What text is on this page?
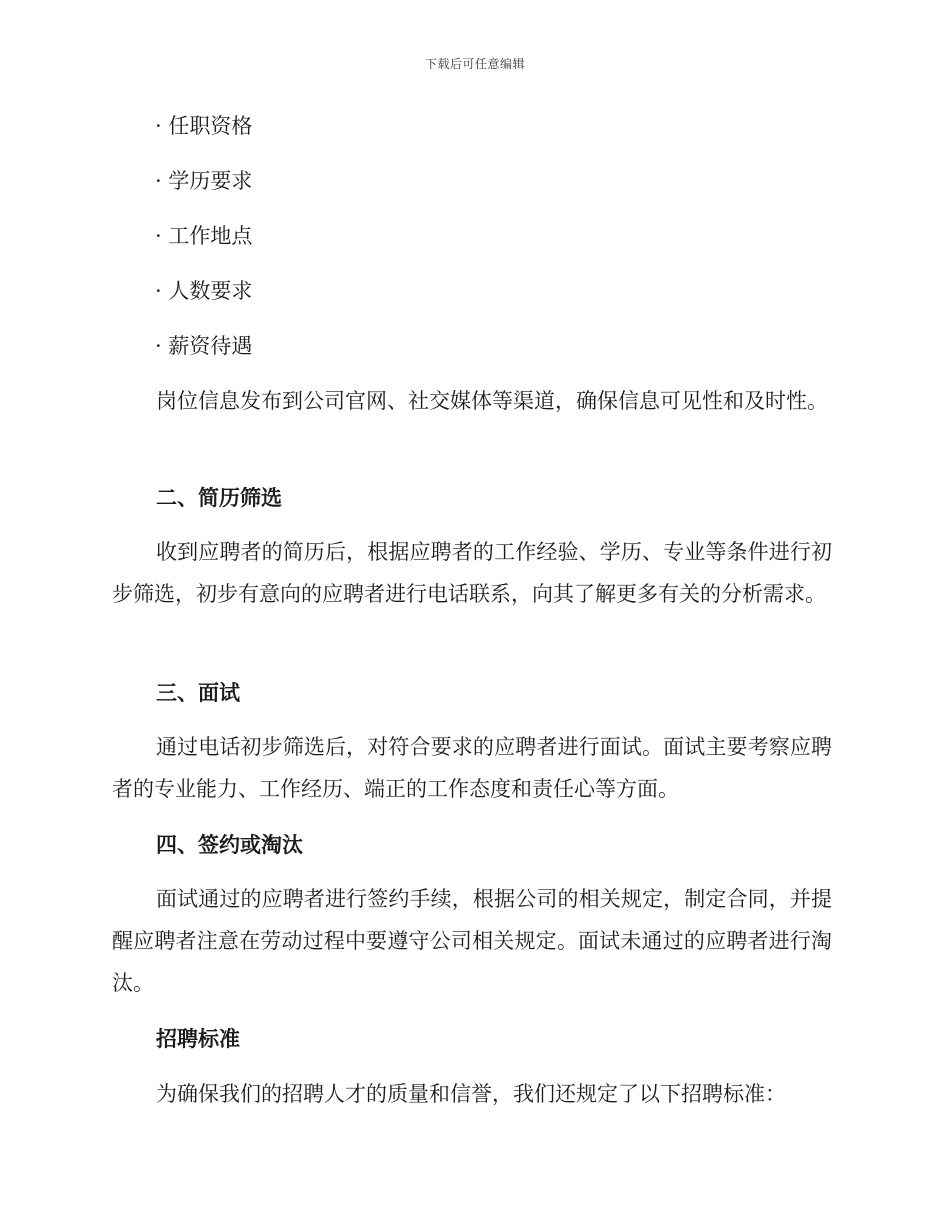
下载后可任意编辑
· 任职资格
· 学历要求
· 工作地点
· 人数要求
· 薪资待遇

岗位信息发布到公司官网、社交媒体等渠道，确保信息可见性和及时性。

二、简历筛选

收到应聘者的简历后，根据应聘者的工作经验、学历、专业等条件进行初步筛选，初步有意向的应聘者进行电话联系，向其了解更多有关的分析需求。

三、面试

通过电话初步筛选后，对符合要求的应聘者进行面试。面试主要考察应聘者的专业能力、工作经历、端正的工作态度和责任心等方面。

四、签约或淘汰

面试通过的应聘者进行签约手续，根据公司的相关规定，制定合同，并提醒应聘者注意在劳动过程中要遵守公司相关规定。面试未通过的应聘者进行淘汰。

招聘标准

为确保我们的招聘人才的质量和信誉，我们还规定了以下招聘标准：
